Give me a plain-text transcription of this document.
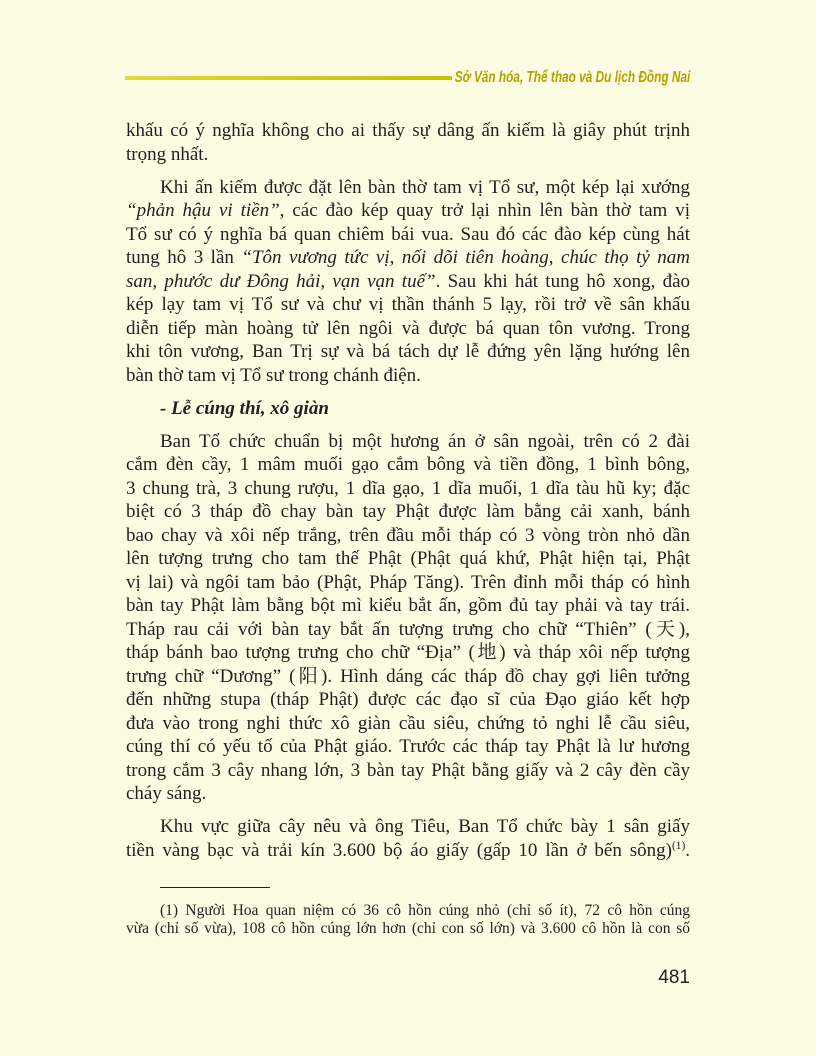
Sở Văn hóa, Thể thao và Du lịch Đồng Nai
khấu có ý nghĩa không cho ai thấy sự dâng ấn kiếm là giây phút trịnh
trọng nhất.
Khi ấn kiếm được đặt lên bàn thờ tam vị Tổ sư, một kép lại xướng
“phản hậu vi tiền”, các đào kép quay trở lại nhìn lên bàn thờ tam vị
Tổ sư có ý nghĩa bá quan chiêm bái vua. Sau đó các đào kép cùng hát
tung hô 3 lần “Tôn vương tức vị, nối dõi tiên hoàng, chúc thọ tỷ nam
san, phước dư Đông hải, vạn vạn tuế”. Sau khi hát tung hô xong, đào
kép lạy tam vị Tổ sư và chư vị thần thánh 5 lạy, rồi trở về sân khấu
diễn tiếp màn hoàng tử lên ngôi và được bá quan tôn vương. Trong
khi tôn vương, Ban Trị sự và bá tách dự lễ đứng yên lặng hướng lên
bàn thờ tam vị Tổ sư trong chánh điện.
- Lễ cúng thí, xô giàn
Ban Tổ chức chuẩn bị một hương án ở sân ngoài, trên có 2 đài
cắm đèn cầy, 1 mâm muối gạo cắm bông và tiền đồng, 1 bình bông,
3 chung trà, 3 chung rượu, 1 dĩa gạo, 1 dĩa muối, 1 dĩa tàu hũ ky; đặc
biệt có 3 tháp đồ chay bàn tay Phật được làm bằng cải xanh, bánh
bao chay và xôi nếp trắng, trên đầu mỗi tháp có 3 vòng tròn nhỏ dần
lên tượng trưng cho tam thế Phật (Phật quá khứ, Phật hiện tại, Phật
vị lai) và ngôi tam bảo (Phật, Pháp Tăng). Trên đỉnh mỗi tháp có hình
bàn tay Phật làm bằng bột mì kiểu bắt ấn, gồm đủ tay phải và tay trái.
Tháp rau cải với bàn tay bắt ấn tượng trưng cho chữ “Thiên” (天),
tháp bánh bao tượng trưng cho chữ “Địa” (地) và tháp xôi nếp tượng
trưng chữ “Dương” (阳). Hình dáng các tháp đồ chay gợi liên tưởng
đến những stupa (tháp Phật) được các đạo sĩ của Đạo giáo kết hợp
đưa vào trong nghi thức xô giàn cầu siêu, chứng tỏ nghi lễ cầu siêu,
cúng thí có yếu tố của Phật giáo. Trước các tháp tay Phật là lư hương
trong cắm 3 cây nhang lớn, 3 bàn tay Phật bằng giấy và 2 cây đèn cầy
cháy sáng.
Khu vực giữa cây nêu và ông Tiêu, Ban Tổ chức bày 1 sân giấy
tiền vàng bạc và trải kín 3.600 bộ áo giấy (gấp 10 lần ở bến sông)$^{(1)}$.
(1) Người Hoa quan niệm có 36 cô hồn cúng nhỏ (chỉ số ít), 72 cô hồn cúng
vừa (chỉ số vừa), 108 cô hồn cúng lớn hơn (chỉ con số lớn) và 3.600 cô hồn là con số
481
